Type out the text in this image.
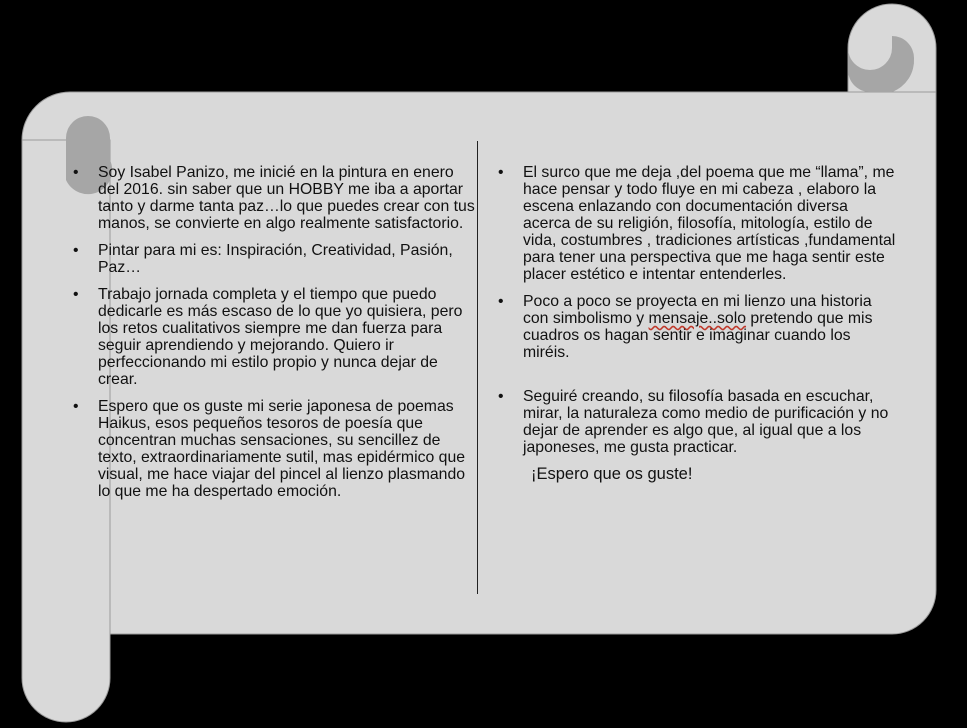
• Soy Isabel Panizo, me inicié en la pintura en enero del 2016. sin saber que un HOBBY me iba a aportar tanto y darme tanta paz…lo que puedes crear con tus manos, se convierte en algo realmente satisfactorio.
• Pintar para mi es: Inspiración, Creatividad, Pasión, Paz…
• Trabajo jornada completa y el tiempo que puedo dedicarle es más escaso de lo que yo quisiera, pero los retos cualitativos siempre me dan fuerza para seguir aprendiendo y mejorando. Quiero ir perfeccionando mi estilo propio y nunca dejar de crear.
• Espero que os guste mi serie japonesa de poemas Haikus, esos pequeños tesoros de poesía que concentran muchas sensaciones, su sencillez de texto, extraordinariamente sutil, mas epidérmico que visual, me hace viajar del pincel al lienzo plasmando lo que me ha despertado emoción.
• El surco que me deja ,del poema que me “llama”, me hace pensar y todo fluye en mi cabeza , elaboro la escena enlazando con documentación diversa acerca de su religión, filosofía, mitología, estilo de vida, costumbres , tradiciones artísticas ,fundamental para tener una perspectiva que me haga sentir este placer estético e intentar entenderles.
• Poco a poco se proyecta en mi lienzo una historia con simbolismo y mensaje..solo pretendo que mis cuadros os hagan sentir e imaginar cuando los miréis.
• Seguiré creando, su filosofía basada en escuchar, mirar, la naturaleza como medio de purificación y no dejar de aprender es algo que, al igual que a los japoneses, me gusta practicar.
¡Espero que os guste!
